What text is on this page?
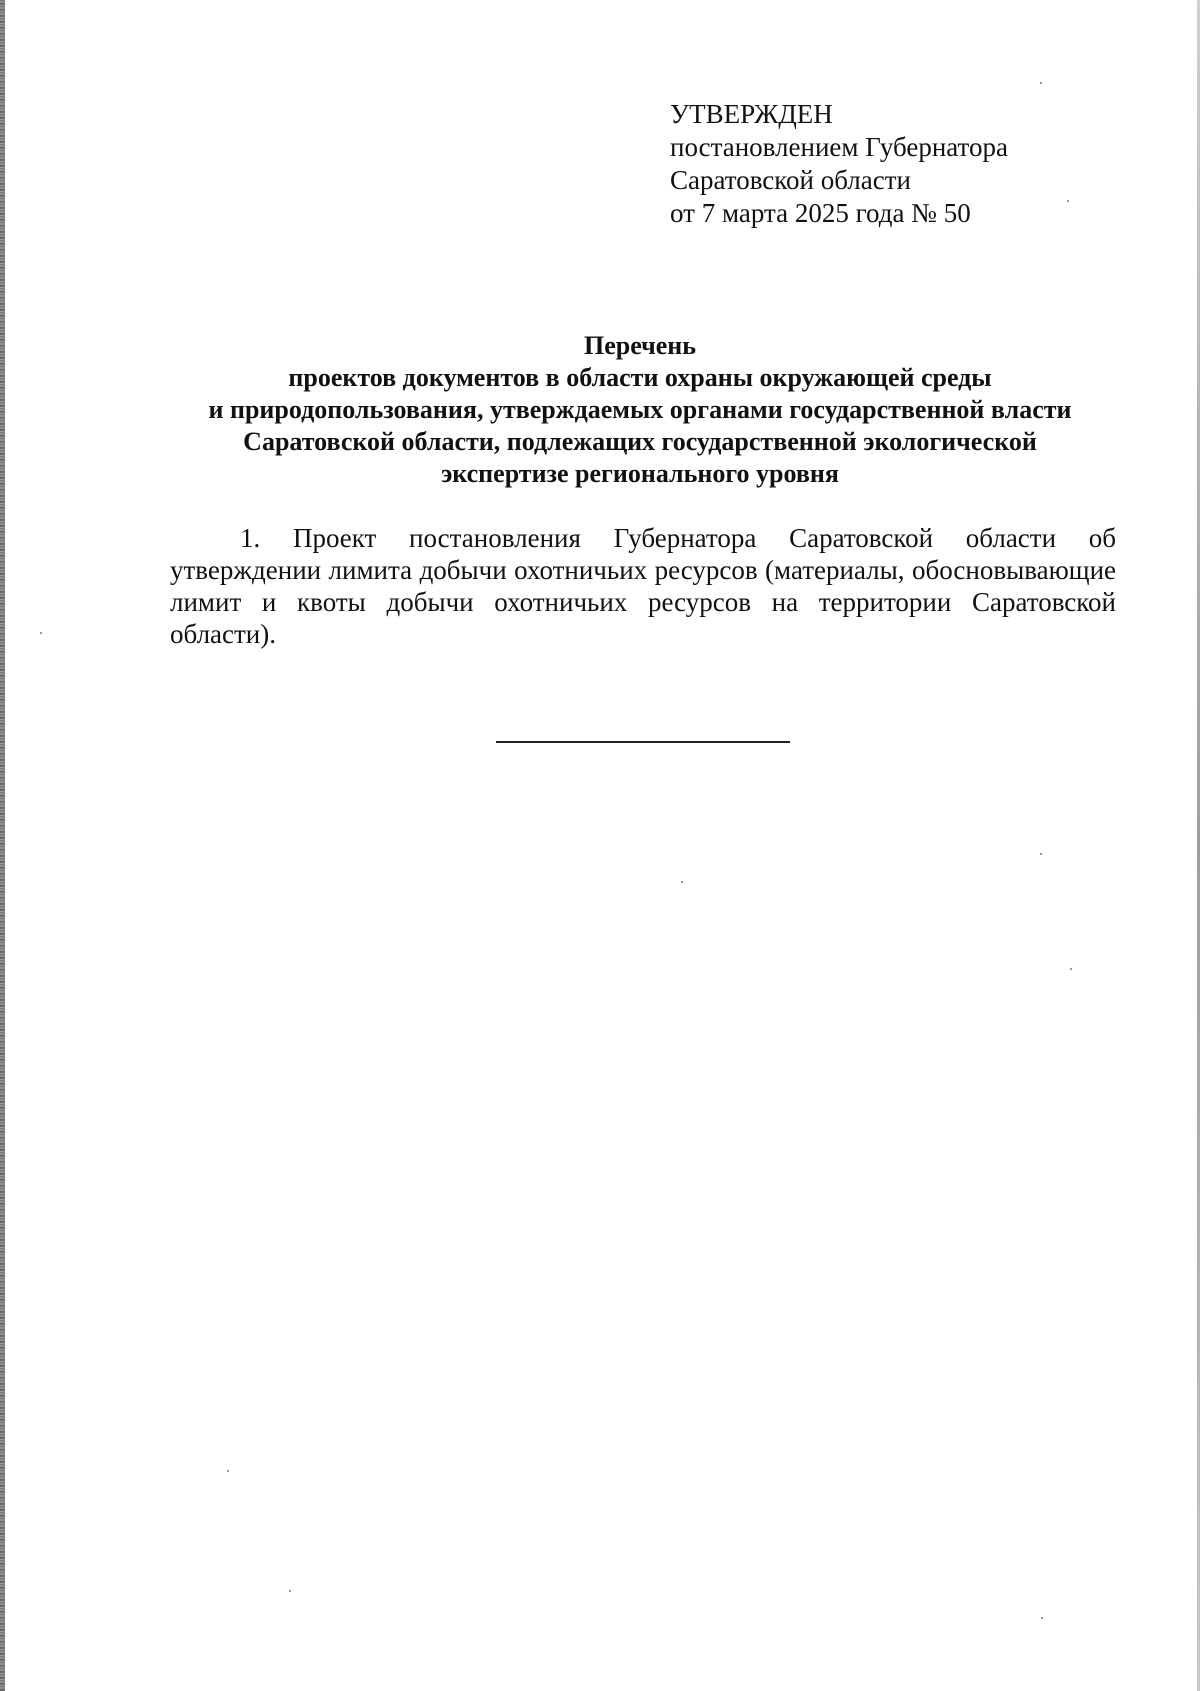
УТВЕРЖДЕН
постановлением Губернатора
Саратовской области
от 7 марта 2025 года № 50
Перечень
проектов документов в области охраны окружающей среды
и природопользования, утверждаемых органами государственной власти
Саратовской области, подлежащих государственной экологической
экспертизе регионального уровня
1. Проект постановления Губернатора Саратовской области об утверждении лимита добычи охотничьих ресурсов (материалы, обосновывающие лимит и квоты добычи охотничьих ресурсов на территории Саратовской области).
